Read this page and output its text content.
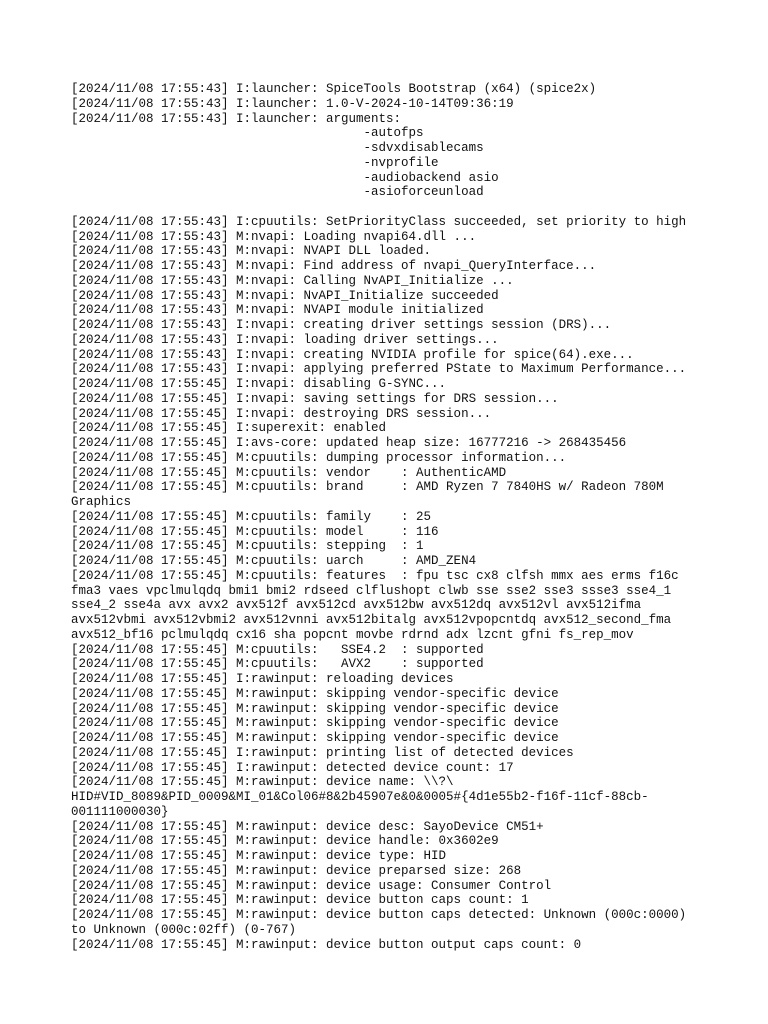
[2024/11/08 17:55:43] I:launcher: SpiceTools Bootstrap (x64) (spice2x)
[2024/11/08 17:55:43] I:launcher: 1.0-V-2024-10-14T09:36:19
[2024/11/08 17:55:43] I:launcher: arguments:
-autofps
-sdvxdisablecams
-nvprofile
-audiobackend asio
-asioforceunload
[2024/11/08 17:55:43] I:cpuutils: SetPriorityClass succeeded, set priority to high
[2024/11/08 17:55:43] M:nvapi: Loading nvapi64.dll ...
[2024/11/08 17:55:43] M:nvapi: NVAPI DLL loaded.
[2024/11/08 17:55:43] M:nvapi: Find address of nvapi_QueryInterface...
[2024/11/08 17:55:43] M:nvapi: Calling NvAPI_Initialize ...
[2024/11/08 17:55:43] M:nvapi: NvAPI_Initialize succeeded
[2024/11/08 17:55:43] M:nvapi: NVAPI module initialized
[2024/11/08 17:55:43] I:nvapi: creating driver settings session (DRS)...
[2024/11/08 17:55:43] I:nvapi: loading driver settings...
[2024/11/08 17:55:43] I:nvapi: creating NVIDIA profile for spice(64).exe...
[2024/11/08 17:55:43] I:nvapi: applying preferred PState to Maximum Performance...
[2024/11/08 17:55:45] I:nvapi: disabling G-SYNC...
[2024/11/08 17:55:45] I:nvapi: saving settings for DRS session...
[2024/11/08 17:55:45] I:nvapi: destroying DRS session...
[2024/11/08 17:55:45] I:superexit: enabled
[2024/11/08 17:55:45] I:avs-core: updated heap size: 16777216 -> 268435456
[2024/11/08 17:55:45] M:cpuutils: dumping processor information...
[2024/11/08 17:55:45] M:cpuutils: vendor    : AuthenticAMD
[2024/11/08 17:55:45] M:cpuutils: brand     : AMD Ryzen 7 7840HS w/ Radeon 780M
Graphics
[2024/11/08 17:55:45] M:cpuutils: family    : 25
[2024/11/08 17:55:45] M:cpuutils: model     : 116
[2024/11/08 17:55:45] M:cpuutils: stepping  : 1
[2024/11/08 17:55:45] M:cpuutils: uarch     : AMD_ZEN4
[2024/11/08 17:55:45] M:cpuutils: features  : fpu tsc cx8 clfsh mmx aes erms f16c
fma3 vaes vpclmulqdq bmi1 bmi2 rdseed clflushopt clwb sse sse2 sse3 ssse3 sse4_1
sse4_2 sse4a avx avx2 avx512f avx512cd avx512bw avx512dq avx512vl avx512ifma
avx512vbmi avx512vbmi2 avx512vnni avx512bitalg avx512vpopcntdq avx512_second_fma
avx512_bf16 pclmulqdq cx16 sha popcnt movbe rdrnd adx lzcnt gfni fs_rep_mov
[2024/11/08 17:55:45] M:cpuutils:   SSE4.2  : supported
[2024/11/08 17:55:45] M:cpuutils:   AVX2    : supported
[2024/11/08 17:55:45] I:rawinput: reloading devices
[2024/11/08 17:55:45] M:rawinput: skipping vendor-specific device
[2024/11/08 17:55:45] M:rawinput: skipping vendor-specific device
[2024/11/08 17:55:45] M:rawinput: skipping vendor-specific device
[2024/11/08 17:55:45] M:rawinput: skipping vendor-specific device
[2024/11/08 17:55:45] I:rawinput: printing list of detected devices
[2024/11/08 17:55:45] I:rawinput: detected device count: 17
[2024/11/08 17:55:45] M:rawinput: device name: \\?\
HID#VID_8089&PID_0009&MI_01&Col06#8&2b45907e&0&0005#{4d1e55b2-f16f-11cf-88cb-
001111000030}
[2024/11/08 17:55:45] M:rawinput: device desc: SayoDevice CM51+
[2024/11/08 17:55:45] M:rawinput: device handle: 0x3602e9
[2024/11/08 17:55:45] M:rawinput: device type: HID
[2024/11/08 17:55:45] M:rawinput: device preparsed size: 268
[2024/11/08 17:55:45] M:rawinput: device usage: Consumer Control
[2024/11/08 17:55:45] M:rawinput: device button caps count: 1
[2024/11/08 17:55:45] M:rawinput: device button caps detected: Unknown (000c:0000)
to Unknown (000c:02ff) (0-767)
[2024/11/08 17:55:45] M:rawinput: device button output caps count: 0
